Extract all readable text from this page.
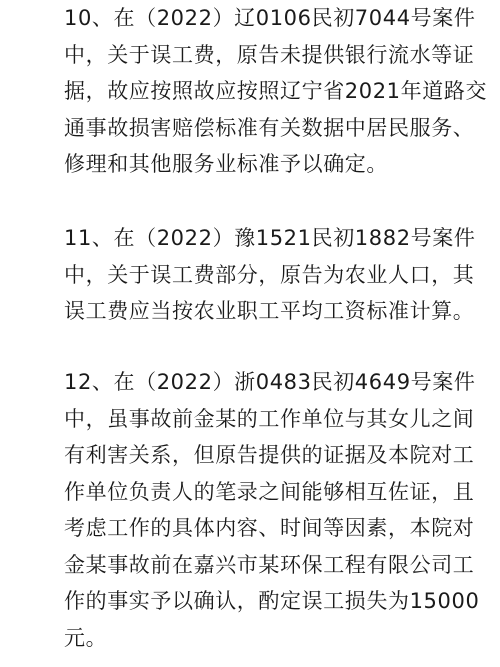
10、在（2022）辽0106民初7044号案件
中，关于误工费，原告未提供银行流水等证
据，故应按照故应按照辽宁省2021年道路交
通事故损害赔偿标准有关数据中居民服务、
修理和其他服务业标准予以确定。
11、在（2022）豫1521民初1882号案件
中，关于误工费部分，原告为农业人口，其
误工费应当按农业职工平均工资标准计算。
12、在（2022）浙0483民初4649号案件
中，虽事故前金某的工作单位与其女儿之间
有利害关系，但原告提供的证据及本院对工
作单位负责人的笔录之间能够相互佐证，且
考虑工作的具体内容、时间等因素，本院对
金某事故前在嘉兴市某环保工程有限公司工
作的事实予以确认，酌定误工损失为15000
元。
